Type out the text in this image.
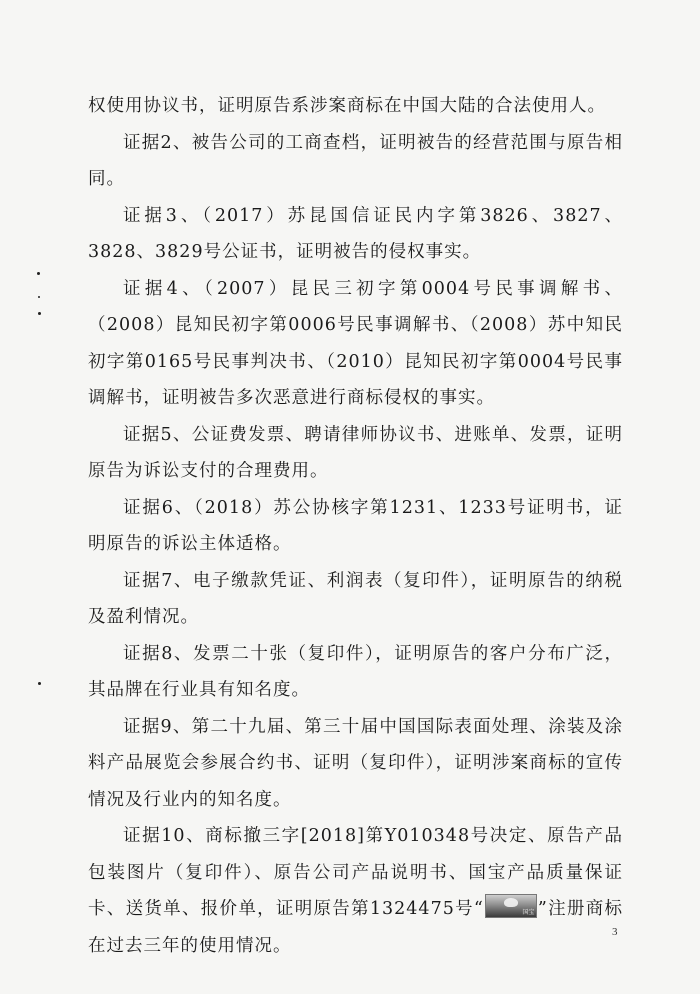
权使用协议书，证明原告系涉案商标在中国大陆的合法使用人。

证据2、被告公司的工商查档，证明被告的经营范围与原告相同。

证据3、（2017）苏昆国信证民内字第3826、3827、3828、3829号公证书，证明被告的侵权事实。

证据4、（2007）昆民三初字第0004号民事调解书、（2008）昆知民初字第0006号民事调解书、（2008）苏中知民初字第0165号民事判决书、（2010）昆知民初字第0004号民事调解书，证明被告多次恶意进行商标侵权的事实。

证据5、公证费发票、聘请律师协议书、进账单、发票，证明原告为诉讼支付的合理费用。

证据6、（2018）苏公协核字第1231、1233号证明书，证明原告的诉讼主体适格。

证据7、电子缴款凭证、利润表（复印件），证明原告的纳税及盈利情况。

证据8、发票二十张（复印件），证明原告的客户分布广泛，其品牌在行业具有知名度。

证据9、第二十九届、第三十届中国国际表面处理、涂装及涂料产品展览会参展合约书、证明（复印件），证明涉案商标的宣传情况及行业内的知名度。

证据10、商标撤三字[2018]第Y010348号决定、原告产品包装图片（复印件）、原告公司产品说明书、国宝产品质量保证卡、送货单、报价单，证明原告第1324475号“	国宝 ”注册商标在过去三年的使用情况。

3
